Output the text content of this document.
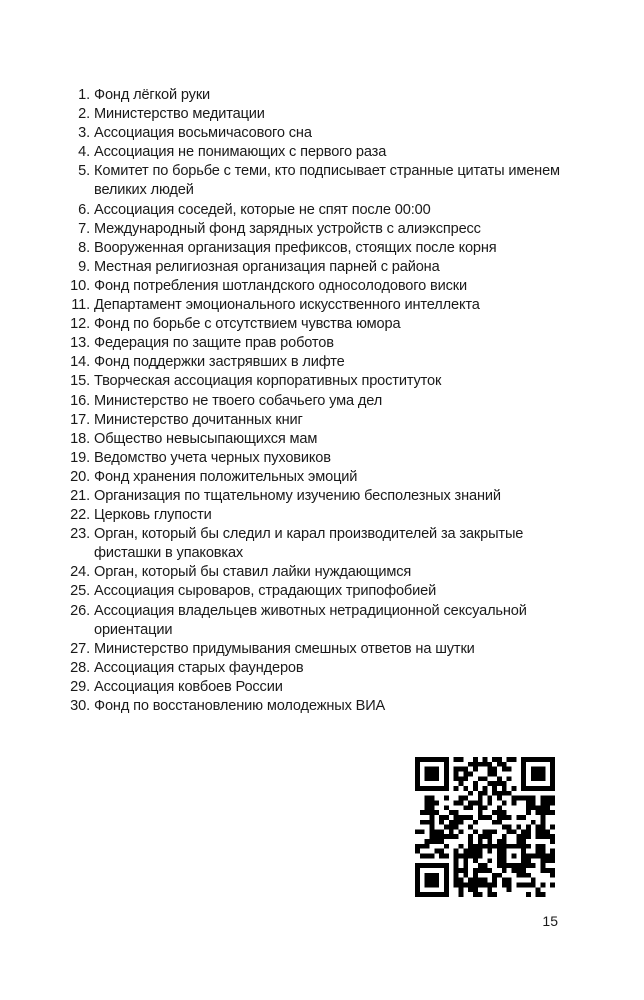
1. Фонд лёгкой руки
2. Министерство медитации
3. Ассоциация восьмичасового сна
4. Ассоциация не понимающих с первого раза
5. Комитет по борьбе с теми, кто подписывает странные цитаты именем великих людей
6. Ассоциация соседей, которые не спят после 00:00
7. Международный фонд зарядных устройств с алиэкспресс
8. Вооруженная организация префиксов, стоящих после корня
9. Местная религиозная организация парней с района
10. Фонд потребления шотландского односолодового виски
11. Департамент эмоционального искусственного интеллекта
12. Фонд по борьбе с отсутствием чувства юмора
13. Федерация по защите прав роботов
14. Фонд поддержки застрявших в лифте
15. Творческая ассоциация корпоративных проституток
16. Министерство не твоего собачьего ума дел
17. Министерство дочитанных книг
18. Общество невысыпающихся мам
19. Ведомство учета черных пуховиков
20. Фонд хранения положительных эмоций
21. Организация по тщательному изучению бесполезных знаний
22. Церковь глупости
23. Орган, который бы следил и карал производителей за закрытые фисташки в упаковках
24. Орган, который бы ставил лайки нуждающимся
25. Ассоциация сыроваров, страдающих трипофобией
26. Ассоциация владельцев животных нетрадиционной сексуальной ориентации
27. Министерство придумывания смешных ответов на шутки
28. Ассоциация старых фаундеров
29. Ассоциация ковбоев России
30. Фонд по восстановлению молодежных ВИА
15
